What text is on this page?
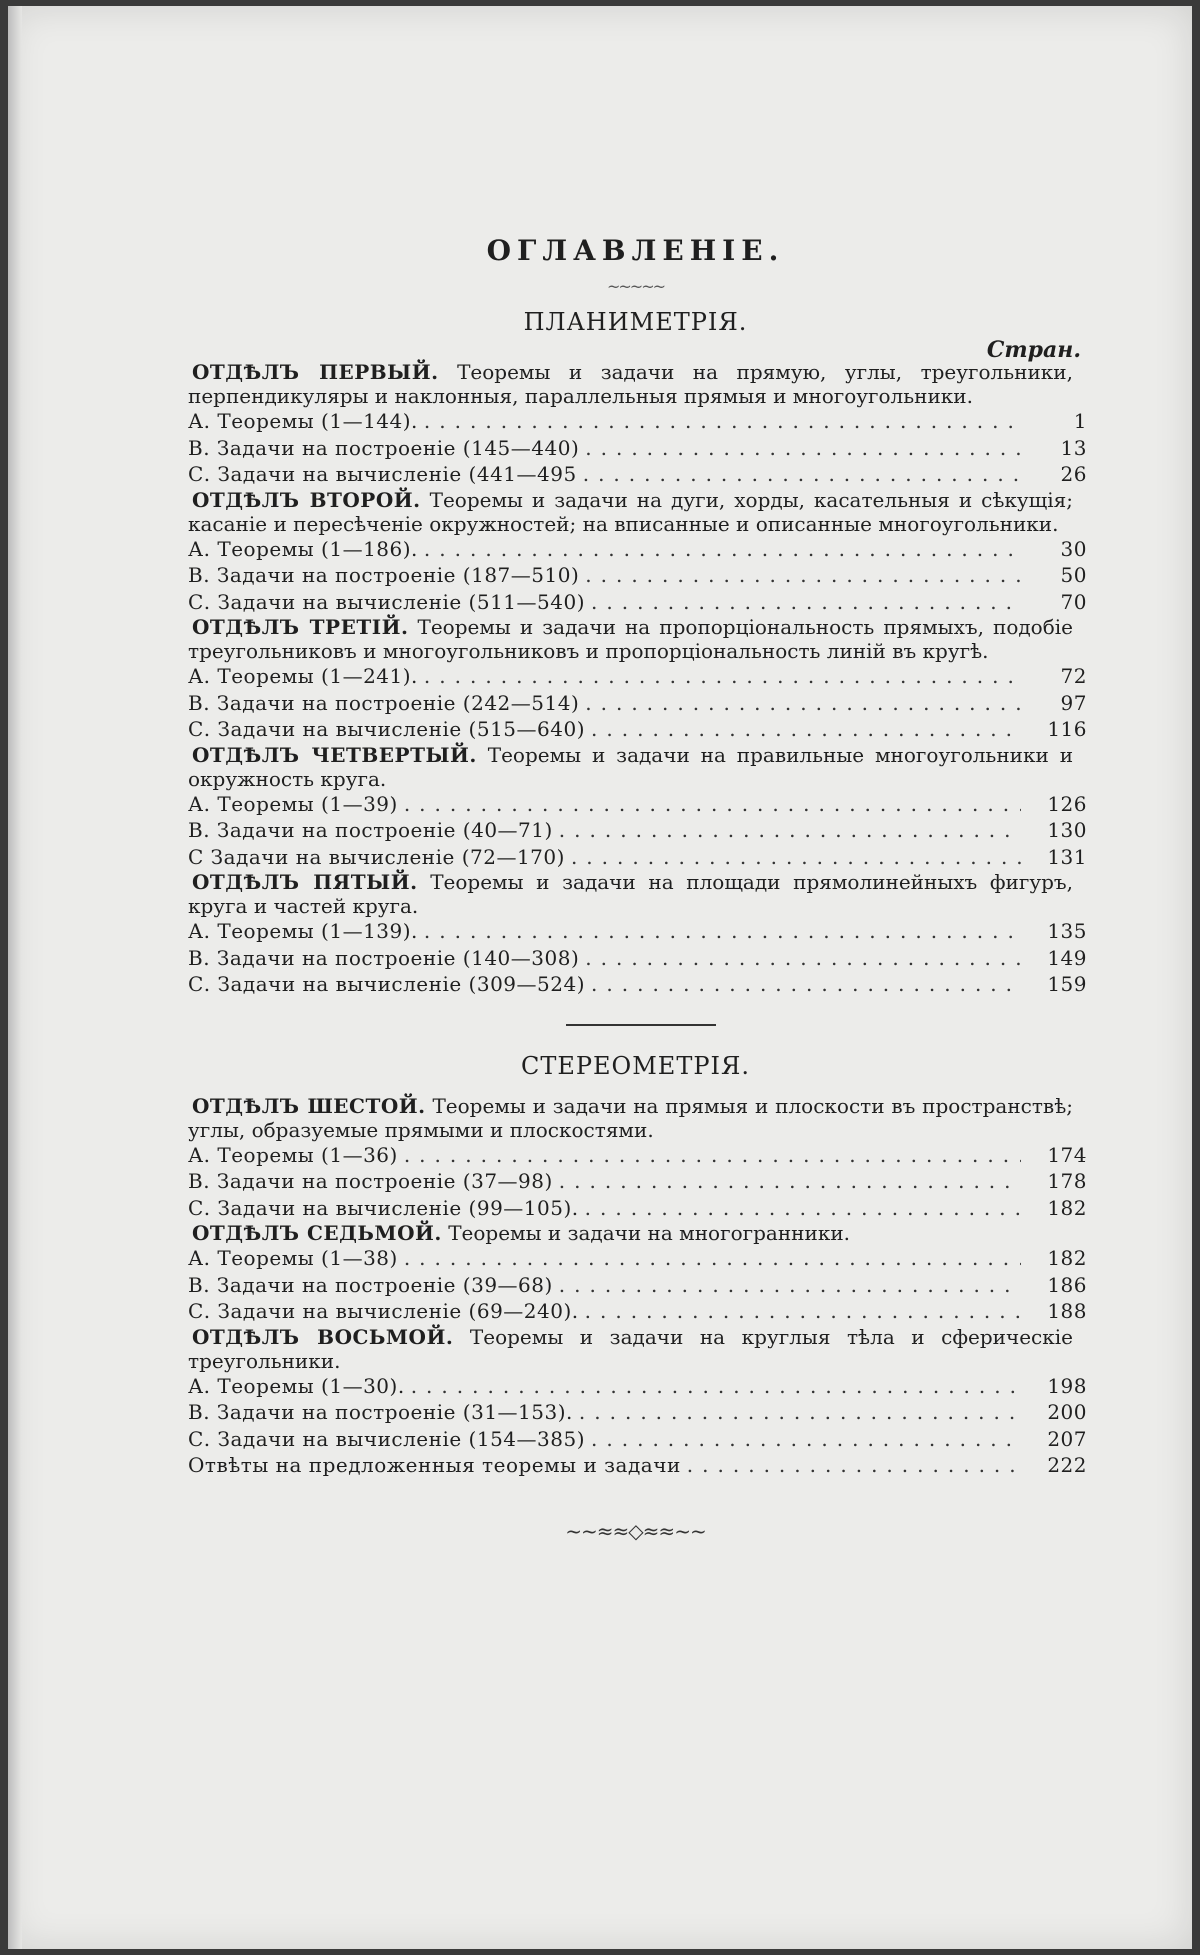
ОГЛАВЛЕНІЕ.
~~~~~
ПЛАНИМЕТРІЯ.
Стран.

ОТДѢЛЪ ПЕРВЫЙ. Теоремы и задачи на прямую, углы, треугольники, перпендикуляры и наклонныя, параллельныя прямыя и многоугольники.

А. Теоремы (1—144). .....	1
В. Задачи на построеніе (145—440) .....	13
С. Задачи на вычисленіе (441—495 .....	26

ОТДѢЛЪ ВТОРОЙ. Теоремы и задачи на дуги, хорды, касательныя и сѣкущія; касаніе и пересѣченіе окружностей; на вписанные и описанные многоугольники.

А. Теоремы (1—186). .....	30
В. Задачи на построеніе (187—510) .....	50
С. Задачи на вычисленіе (511—540) .....	70

ОТДѢЛЪ ТРЕТІЙ. Теоремы и задачи на пропорціональность прямыхъ, подобіе треугольниковъ и многоугольниковъ и пропорціональность линій въ кругѣ.

А. Теоремы (1—241). .....	72
В. Задачи на построеніе (242—514) .....	97
С. Задачи на вычисленіе (515—640) .....	116

ОТДѢЛЪ ЧЕТВЕРТЫЙ. Теоремы и задачи на правильные многоугольники и окружность круга.

А. Теоремы (1—39) .....	126
В. Задачи на построеніе (40—71) .....	130
С Задачи на вычисленіе (72—170) .....	131

ОТДѢЛЪ ПЯТЫЙ. Теоремы и задачи на площади прямолинейныхъ фигуръ, круга и частей круга.

А. Теоремы (1—139). .....	135
В. Задачи на построеніе (140—308) .....	149
С. Задачи на вычисленіе (309—524) .....	159
СТЕРЕОМЕТРІЯ.

ОТДѢЛЪ ШЕСТОЙ. Теоремы и задачи на прямыя и плоскости въ пространствѣ; углы, образуемые прямыми и плоскостями.

А. Теоремы (1—36) .....	174
В. Задачи на построеніе (37—98) .....	178
С. Задачи на вычисленіе (99—105). .....	182

ОТДѢЛЪ СЕДЬМОЙ. Теоремы и задачи на многогранники.

А. Теоремы (1—38) .....	182
В. Задачи на построеніе (39—68) .....	186
С. Задачи на вычисленіе (69—240). .....	188

ОТДѢЛЪ ВОСЬМОЙ. Теоремы и задачи на круглыя тѣла и сферическіе треугольники.

А. Теоремы (1—30). .....	198
В. Задачи на построеніе (31—153). .....	200
С. Задачи на вычисленіе (154—385) .....	207
Отвѣты на предложенныя теоремы и задачи .....	222
~~≈≈◇≈≈~~
